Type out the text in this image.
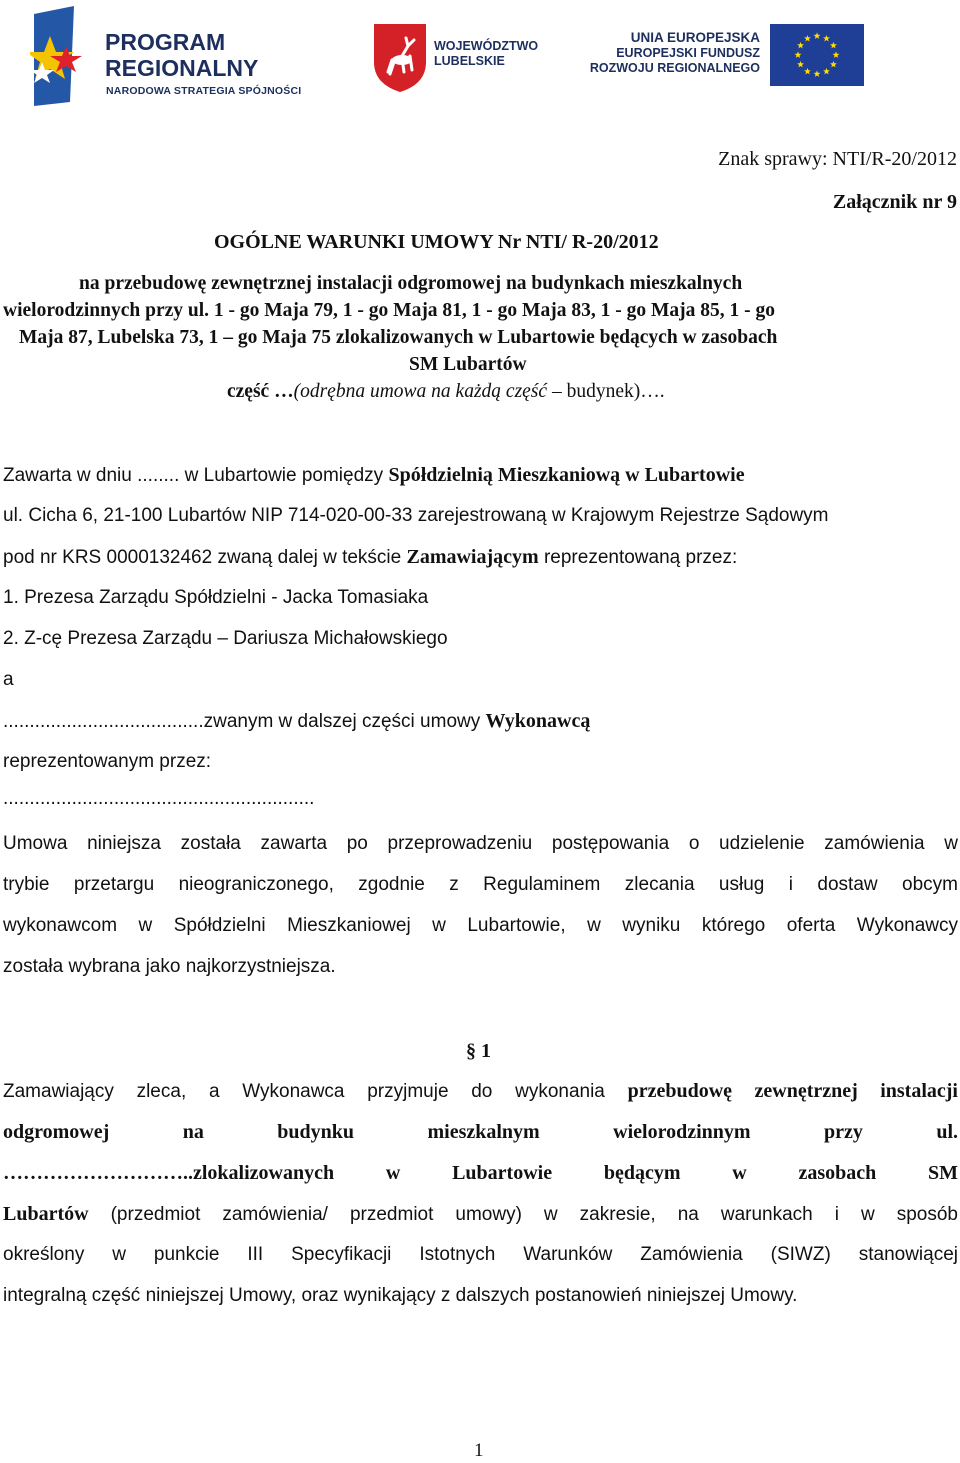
PROGRAM
REGIONALNY
NARODOWA STRATEGIA SPÓJNOŚCI
WOJEWÓDZTWO
LUBELSKIE
UNIA EUROPEJSKA
EUROPEJSKI FUNDUSZ
ROZWOJU REGIONALNEGO
Znak sprawy: NTI/R-20/2012
Załącznik nr 9
OGÓLNE WARUNKI UMOWY Nr NTI/ R-20/2012
na przebudowę zewnętrznej instalacji odgromowej na budynkach mieszkalnych
wielorodzinnych przy ul. 1 - go Maja 79, 1 - go Maja 81, 1 - go Maja 83, 1 - go Maja 85, 1 - go
Maja 87, Lubelska 73, 1 – go Maja 75 zlokalizowanych w Lubartowie będących w zasobach
SM Lubartów
część …(odrębna umowa na każdą część – budynek)….
Zawarta w dniu ........ w Lubartowie pomiędzy Spółdzielnią Mieszkaniową w Lubartowie
ul. Cicha 6, 21-100 Lubartów NIP 714-020-00-33 zarejestrowaną w Krajowym Rejestrze Sądowym
pod nr KRS 0000132462 zwaną dalej w tekście Zamawiającym reprezentowaną przez:
1. Prezesa Zarządu Spółdzielni - Jacka Tomasiaka
2. Z-cę Prezesa Zarządu – Dariusza Michałowskiego
a
......................................zwanym w dalszej części umowy Wykonawcą
reprezentowanym przez:
...........................................................
Umowa niniejsza została zawarta po przeprowadzeniu postępowania o udzielenie zamówienia w
trybie przetargu nieograniczonego, zgodnie z Regulaminem zlecania usług i dostaw obcym
wykonawcom w Spółdzielni Mieszkaniowej w Lubartowie, w wyniku którego oferta Wykonawcy
została wybrana jako najkorzystniejsza.
§ 1
Zamawiający zleca, a Wykonawca przyjmuje do wykonania przebudowę zewnętrznej instalacji
odgromowej na budynku mieszkalnym wielorodzinnym przy ul.
………………………..zlokalizowanych w Lubartowie będącym w zasobach SM
Lubartów (przedmiot zamówienia/ przedmiot umowy) w zakresie, na warunkach i w sposób
określony w punkcie III Specyfikacji Istotnych Warunków Zamówienia (SIWZ) stanowiącej
integralną część niniejszej Umowy, oraz wynikający z dalszych postanowień niniejszej Umowy.
1
